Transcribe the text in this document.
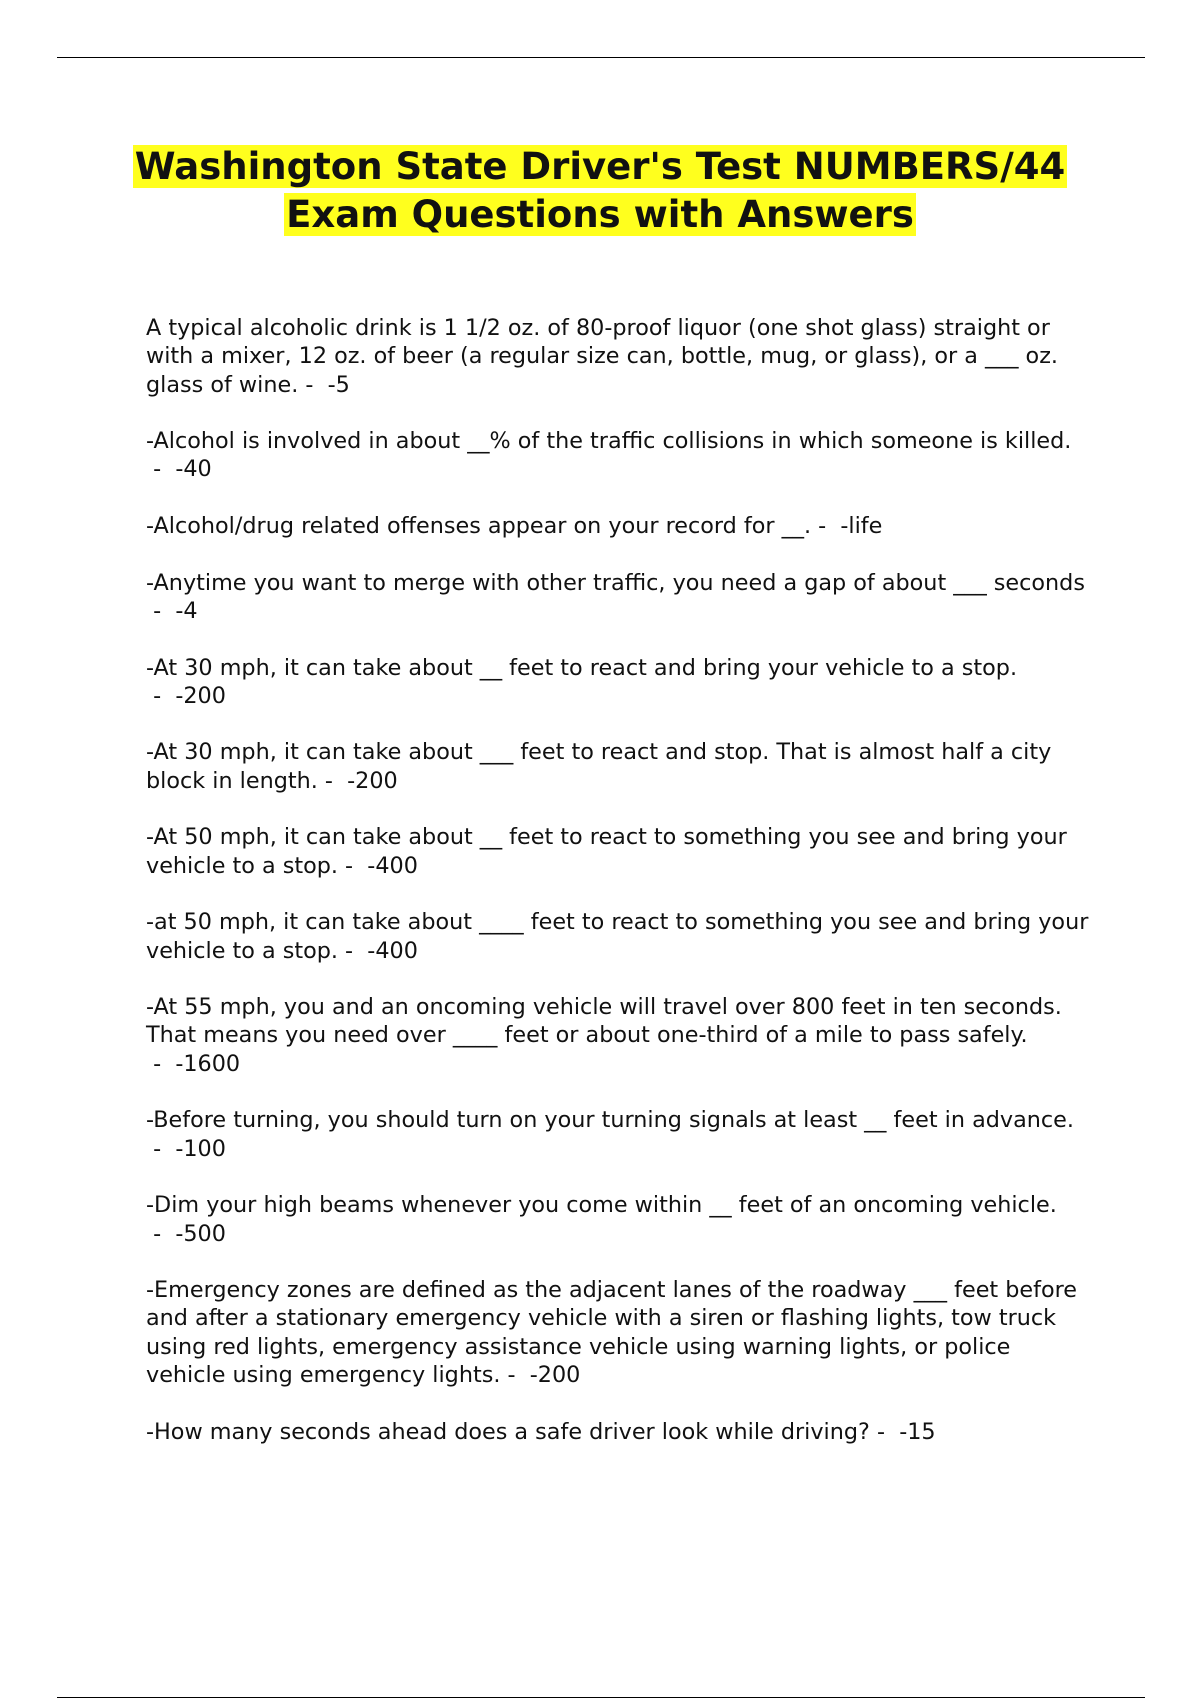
Washington State Driver's Test NUMBERS/44 Exam Questions with Answers
A typical alcoholic drink is 1 1/2 oz. of 80-proof liquor (one shot glass) straight or with a mixer, 12 oz. of beer (a regular size can, bottle, mug, or glass), or a ___ oz. glass of wine. -  -5
-Alcohol is involved in about __% of the traffic collisions in which someone is killed. -  -40
-Alcohol/drug related offenses appear on your record for __. -  -life
-Anytime you want to merge with other traffic, you need a gap of about ___ seconds -  -4
-At 30 mph, it can take about __ feet to react and bring your vehicle to a stop. -  -200
-At 30 mph, it can take about ___ feet to react and stop. That is almost half a city block in length. -  -200
-At 50 mph, it can take about __ feet to react to something you see and bring your vehicle to a stop. -  -400
-at 50 mph, it can take about ____ feet to react to something you see and bring your vehicle to a stop. -  -400
-At 55 mph, you and an oncoming vehicle will travel over 800 feet in ten seconds. That means you need over ____ feet or about one-third of a mile to pass safely. -  -1600
-Before turning, you should turn on your turning signals at least __ feet in advance. -  -100
-Dim your high beams whenever you come within __ feet of an oncoming vehicle. -  -500
-Emergency zones are defined as the adjacent lanes of the roadway ___ feet before and after a stationary emergency vehicle with a siren or flashing lights, tow truck using red lights, emergency assistance vehicle using warning lights, or police vehicle using emergency lights. -  -200
-How many seconds ahead does a safe driver look while driving? -  -15
